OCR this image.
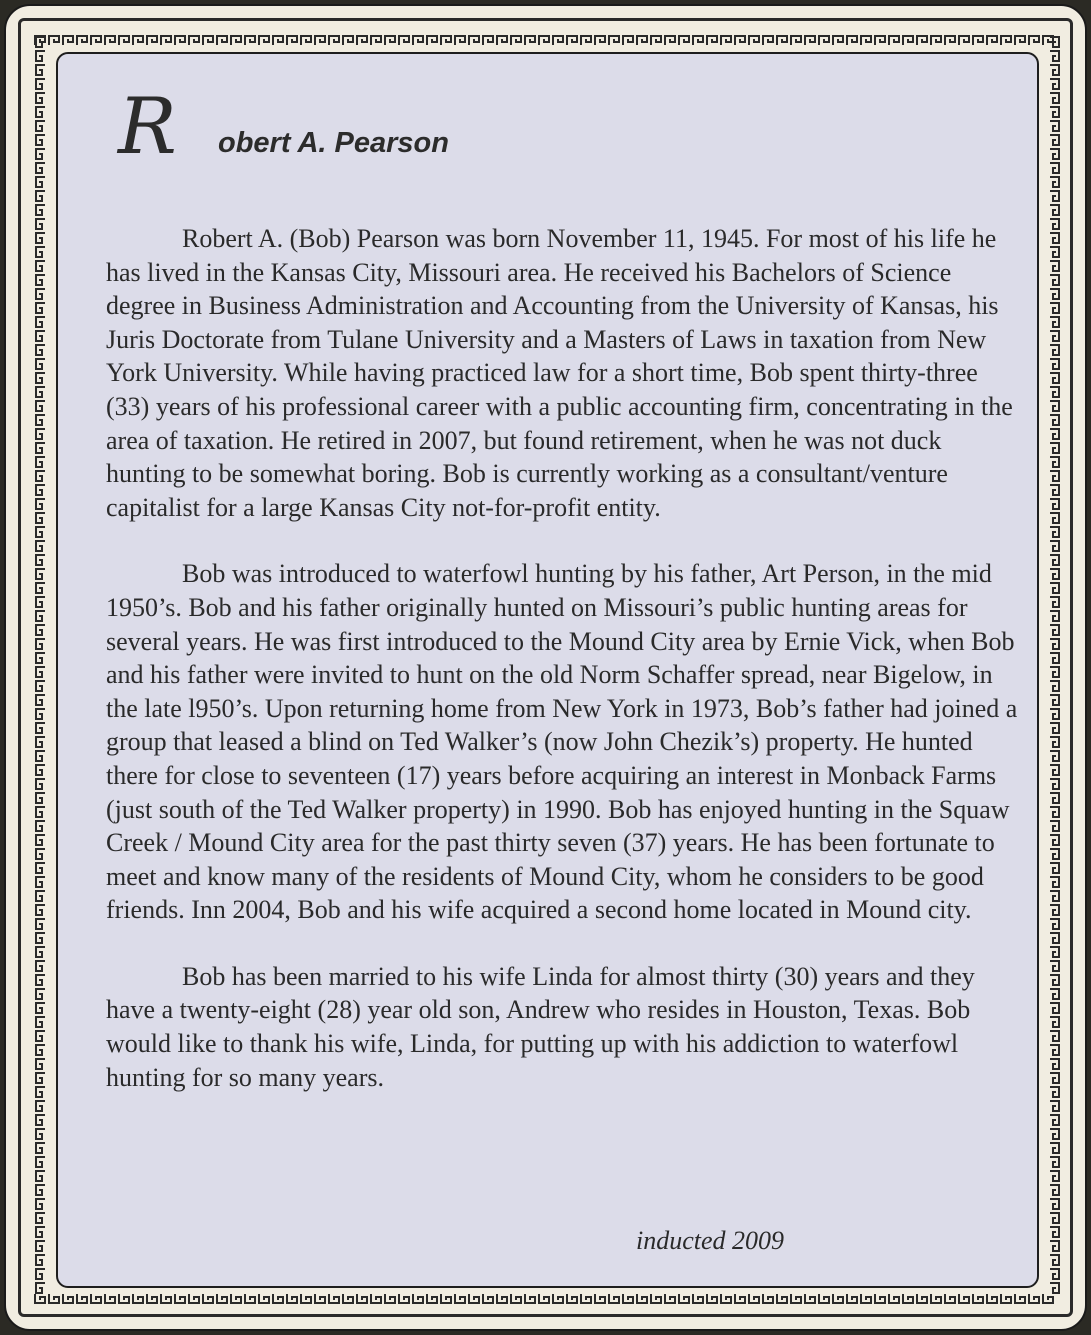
R obert A. Pearson

Robert A. (Bob) Pearson was born November 11, 1945. For most of his life he has lived in the Kansas City, Missouri area. He received his Bachelors of Science degree in Business Administration and Accounting from the University of Kansas, his Juris Doctorate from Tulane University and a Masters of Laws in taxation from New York University. While having practiced law for a short time, Bob spent thirty-three (33) years of his professional career with a public accounting firm, concentrating in the area of taxation. He retired in 2007, but found retirement, when he was not duck hunting to be somewhat boring. Bob is currently working as a consultant/venture capitalist for a large Kansas City not-for-profit entity.

Bob was introduced to waterfowl hunting by his father, Art Person, in the mid 1950’s. Bob and his father originally hunted on Missouri’s public hunting areas for several years. He was first introduced to the Mound City area by Ernie Vick, when Bob and his father were invited to hunt on the old Norm Schaffer spread, near Bigelow, in the late l950’s. Upon returning home from New York in 1973, Bob’s father had joined a group that leased a blind on Ted Walker’s (now John Chezik’s) property. He hunted there for close to seventeen (17) years before acquiring an interest in Monback Farms (just south of the Ted Walker property) in 1990. Bob has enjoyed hunting in the Squaw Creek / Mound City area for the past thirty seven (37) years. He has been fortunate to meet and know many of the residents of Mound City, whom he considers to be good friends. Inn 2004, Bob and his wife acquired a second home located in Mound city.

Bob has been married to his wife Linda for almost thirty (30) years and they have a twenty-eight (28) year old son, Andrew who resides in Houston, Texas. Bob would like to thank his wife, Linda, for putting up with his addiction to waterfowl hunting for so many years.

inducted 2009
